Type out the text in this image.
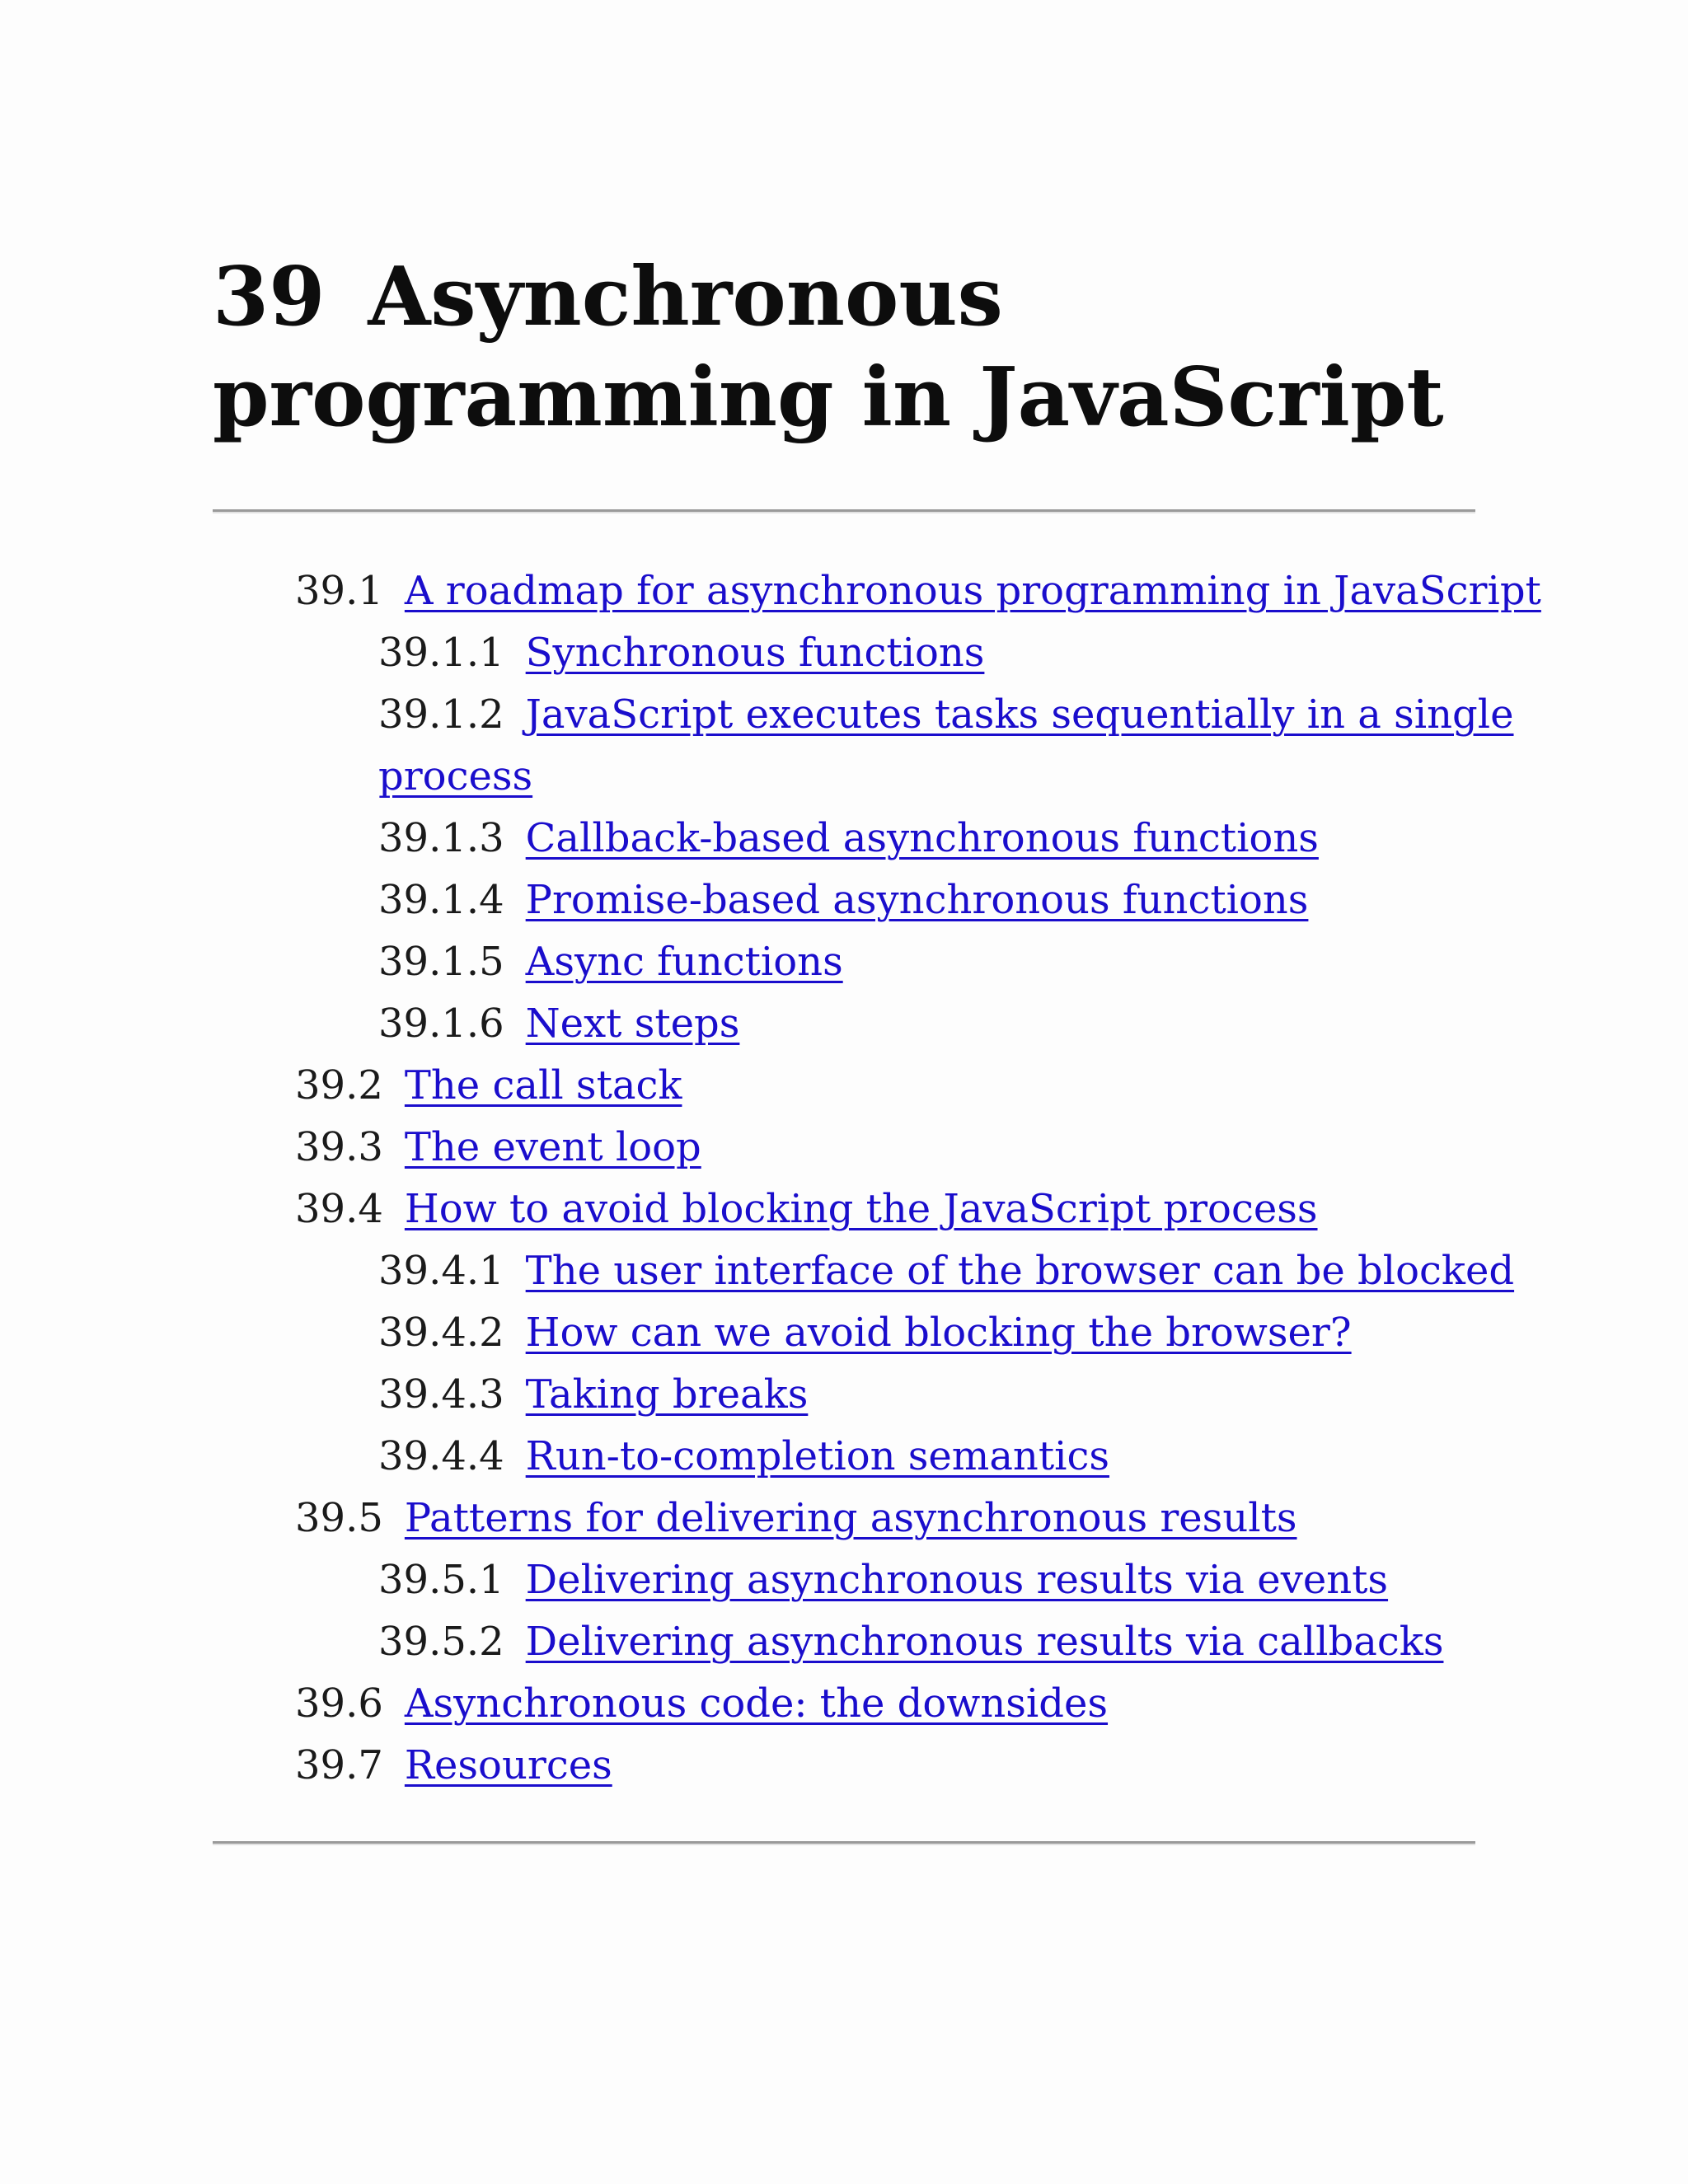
39 Asynchronous programming in JavaScript
39.1 A roadmap for asynchronous programming in JavaScript
39.1.1 Synchronous functions
39.1.2 JavaScript executes tasks sequentially in a single
process
39.1.3 Callback-based asynchronous functions
39.1.4 Promise-based asynchronous functions
39.1.5 Async functions
39.1.6 Next steps
39.2 The call stack
39.3 The event loop
39.4 How to avoid blocking the JavaScript process
39.4.1 The user interface of the browser can be blocked
39.4.2 How can we avoid blocking the browser?
39.4.3 Taking breaks
39.4.4 Run-to-completion semantics
39.5 Patterns for delivering asynchronous results
39.5.1 Delivering asynchronous results via events
39.5.2 Delivering asynchronous results via callbacks
39.6 Asynchronous code: the downsides
39.7 Resources
